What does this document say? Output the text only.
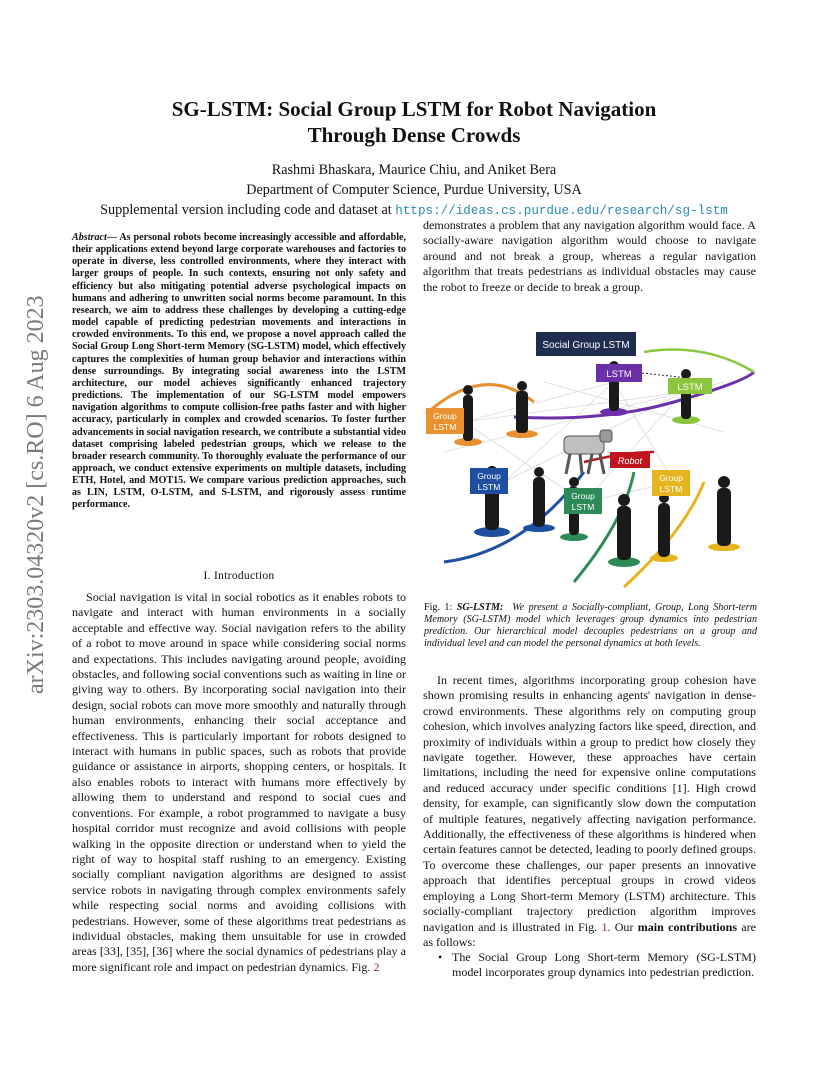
SG-LSTM: Social Group LSTM for Robot Navigation
Through Dense Crowds
Rashmi Bhaskara, Maurice Chiu, and Aniket Bera
Department of Computer Science, Purdue University, USA
Supplemental version including code and dataset at https://ideas.cs.purdue.edu/research/sg-lstm
arXiv:2303.04320v2 [cs.RO] 6 Aug 2023
Abstract— As personal robots become increasingly accessible and affordable, their applications extend beyond large corporate warehouses and factories to operate in diverse, less controlled environments, where they interact with larger groups of people. In such contexts, ensuring not only safety and efficiency but also mitigating potential adverse psychological impacts on humans and adhering to unwritten social norms become paramount. In this research, we aim to address these challenges by developing a cutting-edge model capable of predicting pedestrian movements and interactions in crowded environments. To this end, we propose a novel approach called the Social Group Long Short-term Memory (SG-LSTM) model, which effectively captures the complexities of human group behavior and interactions within dense surroundings. By integrating social awareness into the LSTM architecture, our model achieves significantly enhanced trajectory predictions. The implementation of our SG-LSTM model empowers navigation algorithms to compute collision-free paths faster and with higher accuracy, particularly in complex and crowded scenarios. To foster further advancements in social navigation research, we contribute a substantial video dataset comprising labeled pedestrian groups, which we release to the broader research community. To thoroughly evaluate the performance of our approach, we conduct extensive experiments on multiple datasets, including ETH, Hotel, and MOT15. We compare various prediction approaches, such as LIN, LSTM, O-LSTM, and S-LSTM, and rigorously assess runtime performance.
I. Introduction
Social navigation is vital in social robotics as it enables robots to navigate and interact with human environments in a socially acceptable and effective way. Social navigation refers to the ability of a robot to move around in space while considering social norms and expectations. This includes navigating around people, avoiding obstacles, and following social conventions such as waiting in line or giving way to others. By incorporating social navigation into their design, social robots can move more smoothly and naturally through human environments, enhancing their social acceptance and effectiveness. This is particularly important for robots designed to interact with humans in public spaces, such as robots that provide guidance or assistance in airports, shopping centers, or hospitals. It also enables robots to interact with humans more effectively by allowing them to understand and respond to social cues and conventions. For example, a robot programmed to navigate a busy hospital corridor must recognize and avoid collisions with people walking in the opposite direction or understand when to yield the right of way to hospital staff rushing to an emergency. Existing socially compliant navigation algorithms are designed to assist service robots in navigating through complex environments safely while respecting social norms and avoiding collisions with pedestrians. However, some of these algorithms treat pedestrians as individual obstacles, making them unsuitable for use in crowded areas [33], [35], [36] where the social dynamics of pedestrians play a more significant role and impact on pedestrian dynamics. Fig. 2
demonstrates a problem that any navigation algorithm would face. A socially-aware navigation algorithm would choose to navigate around and not break a group, whereas a regular navigation algorithm that treats pedestrians as individual obstacles may cause the robot to freeze or decide to break a group.
Social Group LSTM
LSTM
LSTM
Group
LSTM
Robot
Group
LSTM
Group
LSTM
Group
LSTM
Fig. 1: SG-LSTM: We present a Socially-compliant, Group, Long Short-term Memory (SG-LSTM) model which leverages group dynamics into pedestrian prediction. Our hierarchical model decouples pedestrians on a group and individual level and can model the personal dynamics at both levels.
In recent times, algorithms incorporating group cohesion have shown promising results in enhancing agents' navigation in dense-crowd environments. These algorithms rely on computing group cohesion, which involves analyzing factors like speed, direction, and proximity of individuals within a group to predict how closely they navigate together. However, these approaches have certain limitations, including the need for expensive online computations and reduced accuracy under specific conditions [1]. High crowd density, for example, can significantly slow down the computation of multiple features, negatively affecting navigation performance. Additionally, the effectiveness of these algorithms is hindered when certain features cannot be detected, leading to poorly defined groups. To overcome these challenges, our paper presents an innovative approach that identifies perceptual groups in crowd videos employing a Long Short-term Memory (LSTM) architecture. This socially-compliant trajectory prediction algorithm improves navigation and is illustrated in Fig. 1. Our main contributions are as follows:
• The Social Group Long Short-term Memory (SG-LSTM) model incorporates group dynamics into pedestrian prediction.
